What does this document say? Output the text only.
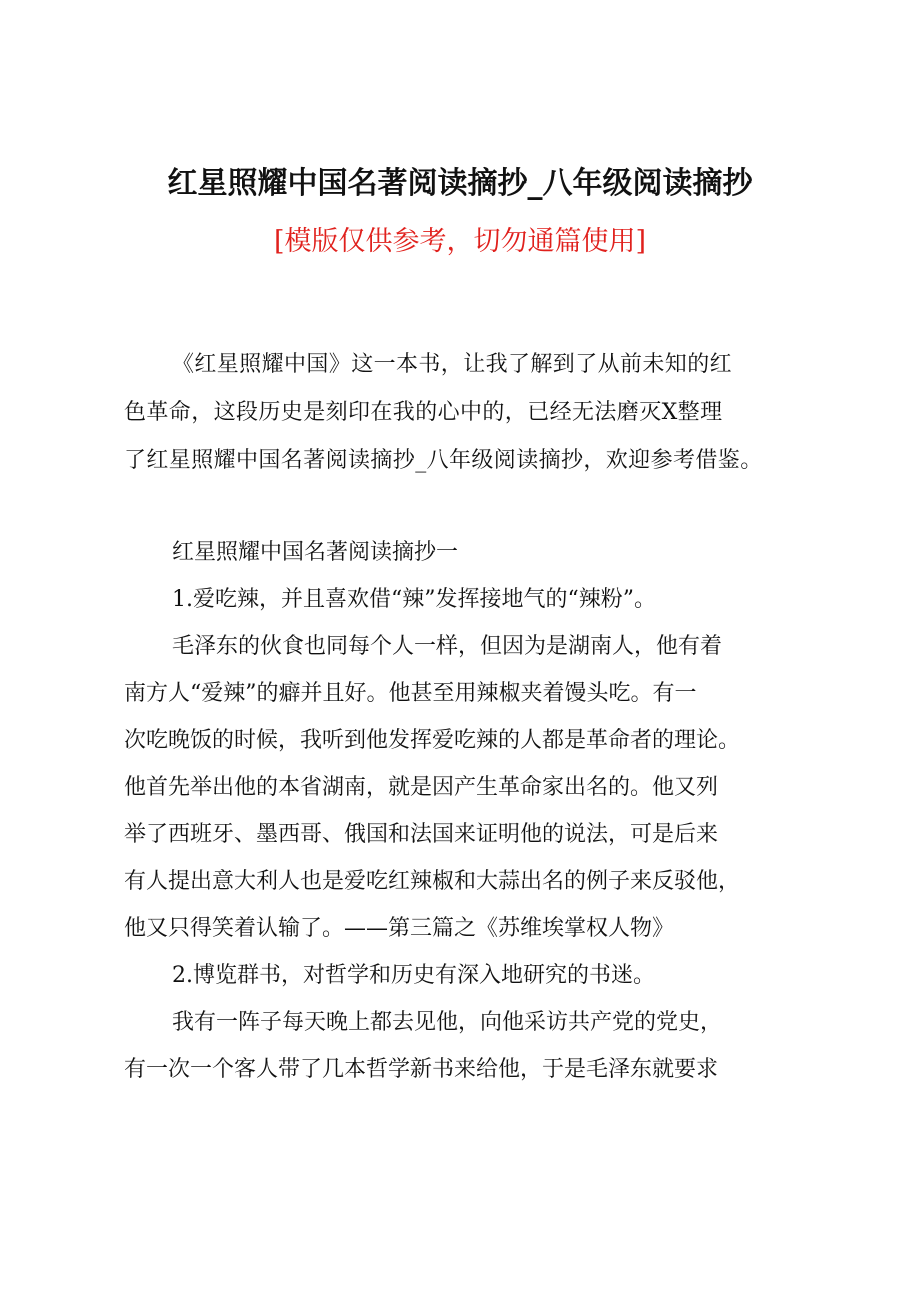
红星照耀中国名著阅读摘抄_八年级阅读摘抄
[模版仅供参考，切勿通篇使用]
《红星照耀中国》这一本书，让我了解到了从前未知的红
色革命，这段历史是刻印在我的心中的，已经无法磨灭X整理
了红星照耀中国名著阅读摘抄_八年级阅读摘抄，欢迎参考借鉴。
红星照耀中国名著阅读摘抄一
1.爱吃辣，并且喜欢借“辣”发挥接地气的“辣粉”。
毛泽东的伙食也同每个人一样，但因为是湖南人，他有着
南方人“爱辣”的癖并且好。他甚至用辣椒夹着馒头吃。有一
次吃晚饭的时候，我听到他发挥爱吃辣的人都是革命者的理论。
他首先举出他的本省湖南，就是因产生革命家出名的。他又列
举了西班牙、墨西哥、俄国和法国来证明他的说法，可是后来
有人提出意大利人也是爱吃红辣椒和大蒜出名的例子来反驳他，
他又只得笑着认输了。——第三篇之《苏维埃掌权人物》
2.博览群书，对哲学和历史有深入地研究的书迷。
我有一阵子每天晚上都去见他，向他采访共产党的党史，
有一次一个客人带了几本哲学新书来给他，于是毛泽东就要求
